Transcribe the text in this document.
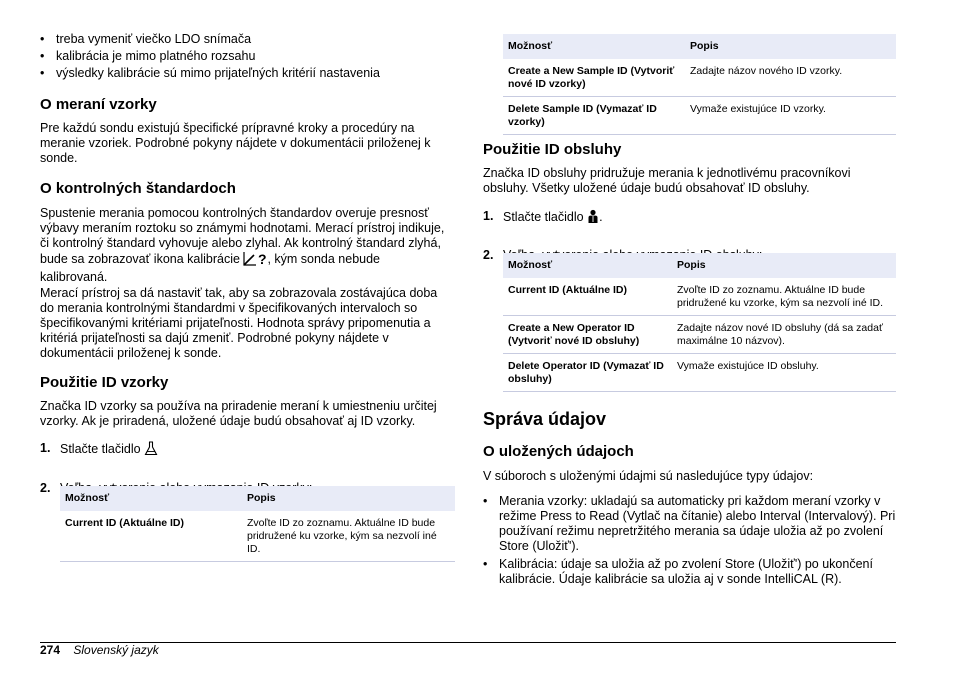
• treba vymeniť viečko LDO snímača
• kalibrácia je mimo platného rozsahu
• výsledky kalibrácie sú mimo prijateľných kritérií nastavenia
O meraní vzorky

Pre každú sondu existujú špecifické prípravné kroky a procedúry na meranie vzoriek. Podrobné pokyny nájdete v dokumentácii priloženej k sonde.

O kontrolných štandardoch

Spustenie merania pomocou kontrolných štandardov overuje presnosť výbavy meraním roztoku so známymi hodnotami. Merací prístroj indikuje, či kontrolný štandard vyhovuje alebo zlyhal. Ak kontrolný štandard zlyhá, bude sa zobrazovať ikona kalibrácie ? , kým sonda nebude kalibrovaná.

Merací prístroj sa dá nastaviť tak, aby sa zobrazovala zostávajúca doba do merania kontrolnými štandardmi v špecifikovaných intervaloch so špecifikovanými kritériami prijateľnosti. Hodnota správy pripomenutia a kritériá prijateľnosti sa dajú zmeniť. Podrobné pokyny nájdete v dokumentácii priloženej k sonde.

Použitie ID vzorky

Značka ID vzorky sa používa na priradenie meraní k umiestneniu určitej vzorky. Ak je priradená, uložené údaje budú obsahovať aj ID vzorky.

1. Stlačte tlačidlo
2.
Možnosť	Popis
Current ID (Aktuálne ID)	Zvoľte ID zo zoznamu. Aktuálne ID bude pridružené ku vzorke, kým sa nezvolí iné ID.
Možnosť	Popis
Create a New Sample ID (Vytvoriť nové ID vzorky)	Zadajte názov nového ID vzorky.
Delete Sample ID (Vymazať ID vzorky)	Vymaže existujúce ID vzorky.
Použitie ID obsluhy

Značka ID obsluhy pridružuje merania k jednotlivému pracovníkovi obsluhy. Všetky uložené údaje budú obsahovať ID obsluhy.

1. Stlačte tlačidlo .
2.
Možnosť	Popis
Current ID (Aktuálne ID)	Zvoľte ID zo zoznamu. Aktuálne ID bude pridružené ku vzorke, kým sa nezvolí iné ID.
Create a New Operator ID (Vytvoriť nové ID obsluhy)	Zadajte názov nové ID obsluhy (dá sa zadať maximálne 10 názvov).
Delete Operator ID (Vymazať ID obsluhy)	Vymaže existujúce ID obsluhy.
Správa údajov
O uložených údajoch

V súboroch s uloženými údajmi sú nasledujúce typy údajov:

• Merania vzorky: ukladajú sa automaticky pri každom meraní vzorky v režime Press to Read (Vytlač na čítanie) alebo Interval (Intervalový). Pri používaní režimu nepretržitého merania sa údaje uložia až po zvolení Store (Uložiť').
• Kalibrácia: údaje sa uložia až po zvolení Store (Uložiť') po ukončení kalibrácie. Údaje kalibrácie sa uložia aj v sonde IntelliCAL (R).
274 Slovenský jazyk
